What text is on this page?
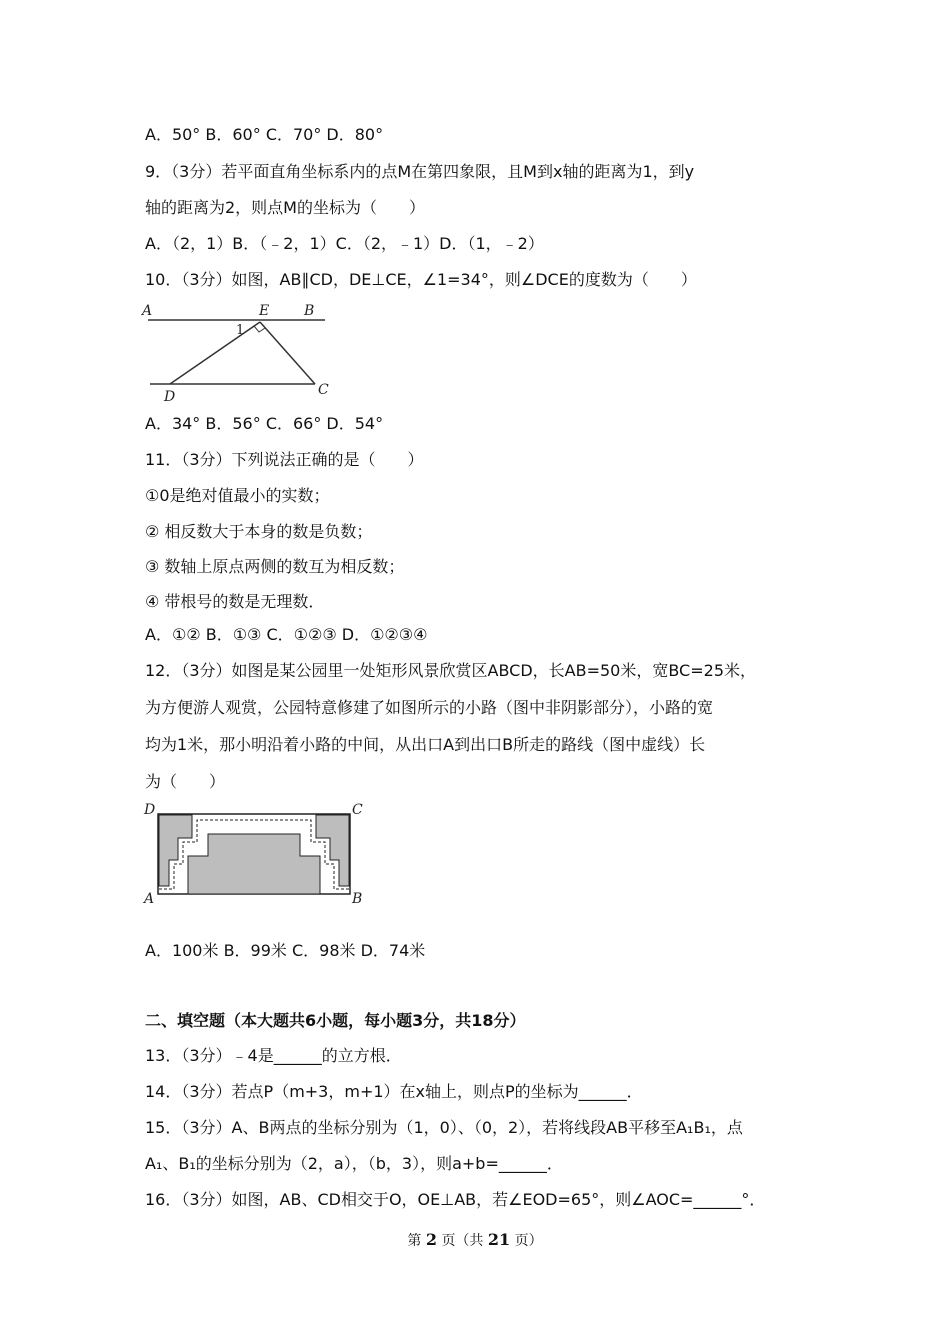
A．50° B．60° C．70° D．80°
9．（3分）若平面直角坐标系内的点M在第四象限，且M到x轴的距离为1，到y
轴的距离为2，则点M的坐标为（　　）
A．（2，1）B．（﹣2，1）C．（2，﹣1）D．（1，﹣2）
10．（3分）如图，AB∥CD，DE⊥CE，∠1=34°，则∠DCE的度数为（　　）
A	E B
1
D	C
A．34° B．56° C．66° D．54°
11．（3分）下列说法正确的是（　　）
①0是绝对值最小的实数；
② 相反数大于本身的数是负数；
③ 数轴上原点两侧的数互为相反数；
④ 带根号的数是无理数．
A．①② B．①③ C．①②③ D．①②③④
12．（3分）如图是某公园里一处矩形风景欣赏区ABCD，长AB=50米，宽BC=25米，
为方便游人观赏，公园特意修建了如图所示的小路（图中非阴影部分），小路的宽
均为1米，那小明沿着小路的中间，从出口A到出口B所走的路线（图中虚线）长
为（　　）
D	C
A	B
A．100米 B．99米 C．98米 D．74米
二、填空题（本大题共6小题，每小题3分，共18分）
13．（3分）﹣4是______的立方根．
14．（3分）若点P（m+3，m+1）在x轴上，则点P的坐标为______．
15．（3分）A、B两点的坐标分别为（1，0）、（0，2），若将线段AB平移至A₁B₁，点
A₁、B₁的坐标分别为（2，a），（b，3），则a+b=______．
16．（3分）如图，AB、CD相交于O，OE⊥AB，若∠EOD=65°，则∠AOC=______°．
第 2 页（共 21 页）
